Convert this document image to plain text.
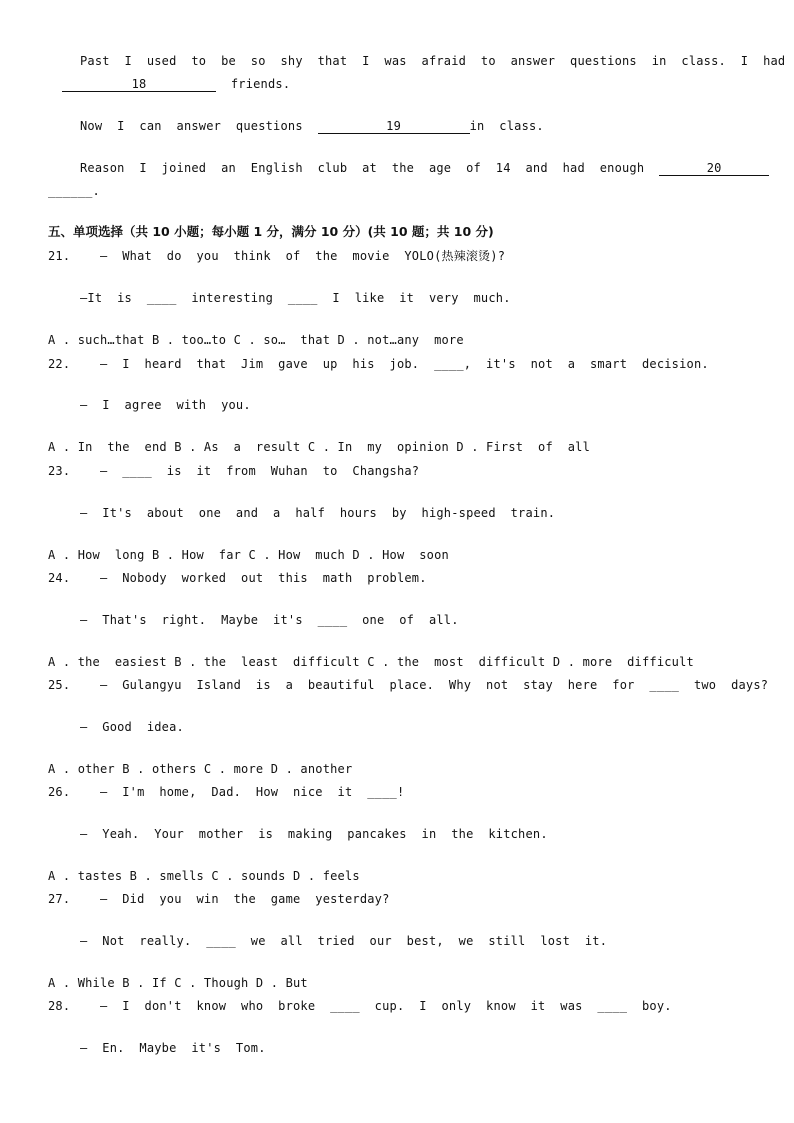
Past  I  used  to  be  so  shy  that  I  was  afraid  to  answer  questions  in  class.  I  had
18	friends.
Now  I  can  answer  questions	19	in  class.
Reason  I  joined  an  English  club  at  the  age  of  14  and  had  enough	20
______.
五、单项选择（共 10 小题；每小题 1 分，满分 10 分）(共 10 题；共 10 分)
21.    —  What  do  you  think  of  the  movie  YOLO(热辣滚烫)?
—It  is  ____  interesting  ____  I  like  it  very  much.
A . such…that B . too…to C . so…  that D . not…any  more
22.    —  I  heard  that  Jim  gave  up  his  job.  ____,  it's  not  a  smart  decision.
—  I  agree  with  you.
A . In  the  end B . As  a  result C . In  my  opinion D . First  of  all
23.    —  ____  is  it  from  Wuhan  to  Changsha?
—  It's  about  one  and  a  half  hours  by  high-speed  train.
A . How  long B . How  far C . How  much D . How  soon
24.    —  Nobody  worked  out  this  math  problem.
—  That's  right.  Maybe  it's  ____  one  of  all.
A . the  easiest B . the  least  difficult C . the  most  difficult D . more  difficult
25.    —  Gulangyu  Island  is  a  beautiful  place.  Why  not  stay  here  for  ____  two  days?
—  Good  idea.
A . other B . others C . more D . another
26.    —  I'm  home,  Dad.  How  nice  it  ____!
—  Yeah.  Your  mother  is  making  pancakes  in  the  kitchen.
A . tastes B . smells C . sounds D . feels
27.    —  Did  you  win  the  game  yesterday?
—  Not  really.  ____  we  all  tried  our  best,  we  still  lost  it.
A . While B . If C . Though D . But
28.    —  I  don't  know  who  broke  ____  cup.  I  only  know  it  was  ____  boy.
—  En.  Maybe  it's  Tom.
